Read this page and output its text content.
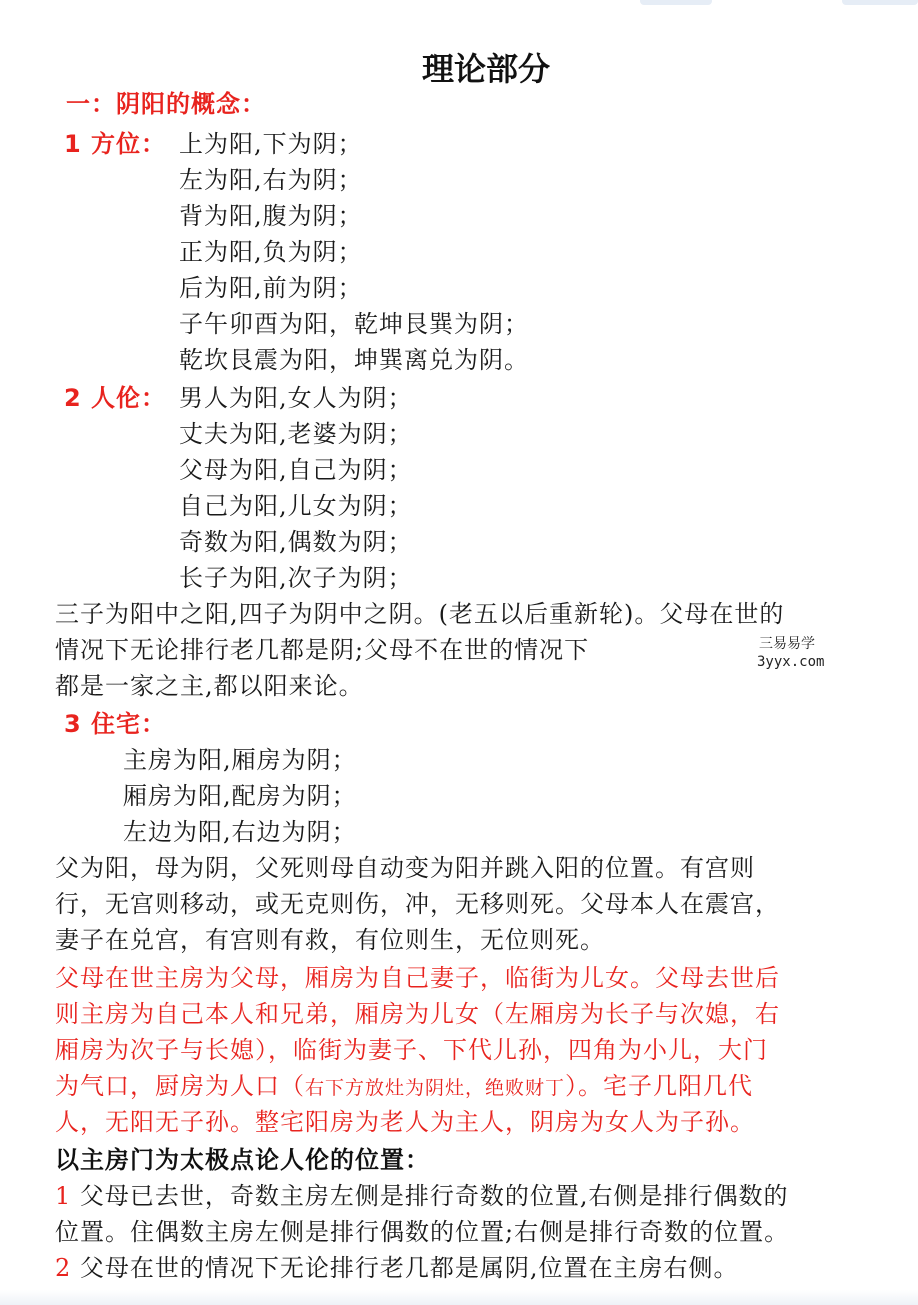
理论部分
一：阴阳的概念：
1 方位： 上为阳,下为阴；
左为阳,右为阴；
背为阳,腹为阴；
正为阳,负为阴；
后为阳,前为阴；
子午卯酉为阳，乾坤艮巽为阴；
乾坎艮震为阳，坤巽离兑为阴。
2 人伦： 男人为阳,女人为阴；
丈夫为阳,老婆为阴；
父母为阳,自己为阴；
自己为阳,儿女为阴；
奇数为阳,偶数为阴；
长子为阳,次子为阴；
三子为阳中之阳,四子为阴中之阴。(老五以后重新轮)。父母在世的
情况下无论排行老几都是阴;父母不在世的情况下
都是一家之主,都以阳来论。
3 住宅：
主房为阳,厢房为阴；
厢房为阳,配房为阴；
左边为阳,右边为阴；
父为阳，母为阴，父死则母自动变为阳并跳入阳的位置。有宫则
行，无宫则移动，或无克则伤，冲，无移则死。父母本人在震宫，
妻子在兑宫，有宫则有救，有位则生，无位则死。
父母在世主房为父母，厢房为自己妻子，临街为儿女。父母去世后
则主房为自己本人和兄弟，厢房为儿女（左厢房为长子与次媳，右
厢房为次子与长媳），临街为妻子、下代儿孙，四角为小儿，大门
为气口，厨房为人口（右下方放灶为阴灶，绝败财丁）。宅子几阳几代
人，无阳无子孙。整宅阳房为老人为主人，阴房为女人为子孙。
以主房门为太极点论人伦的位置：
1 父母已去世，奇数主房左侧是排行奇数的位置,右侧是排行偶数的
位置。住偶数主房左侧是排行偶数的位置;右侧是排行奇数的位置。
2 父母在世的情况下无论排行老几都是属阴,位置在主房右侧。
三易易学
3yyx.com
